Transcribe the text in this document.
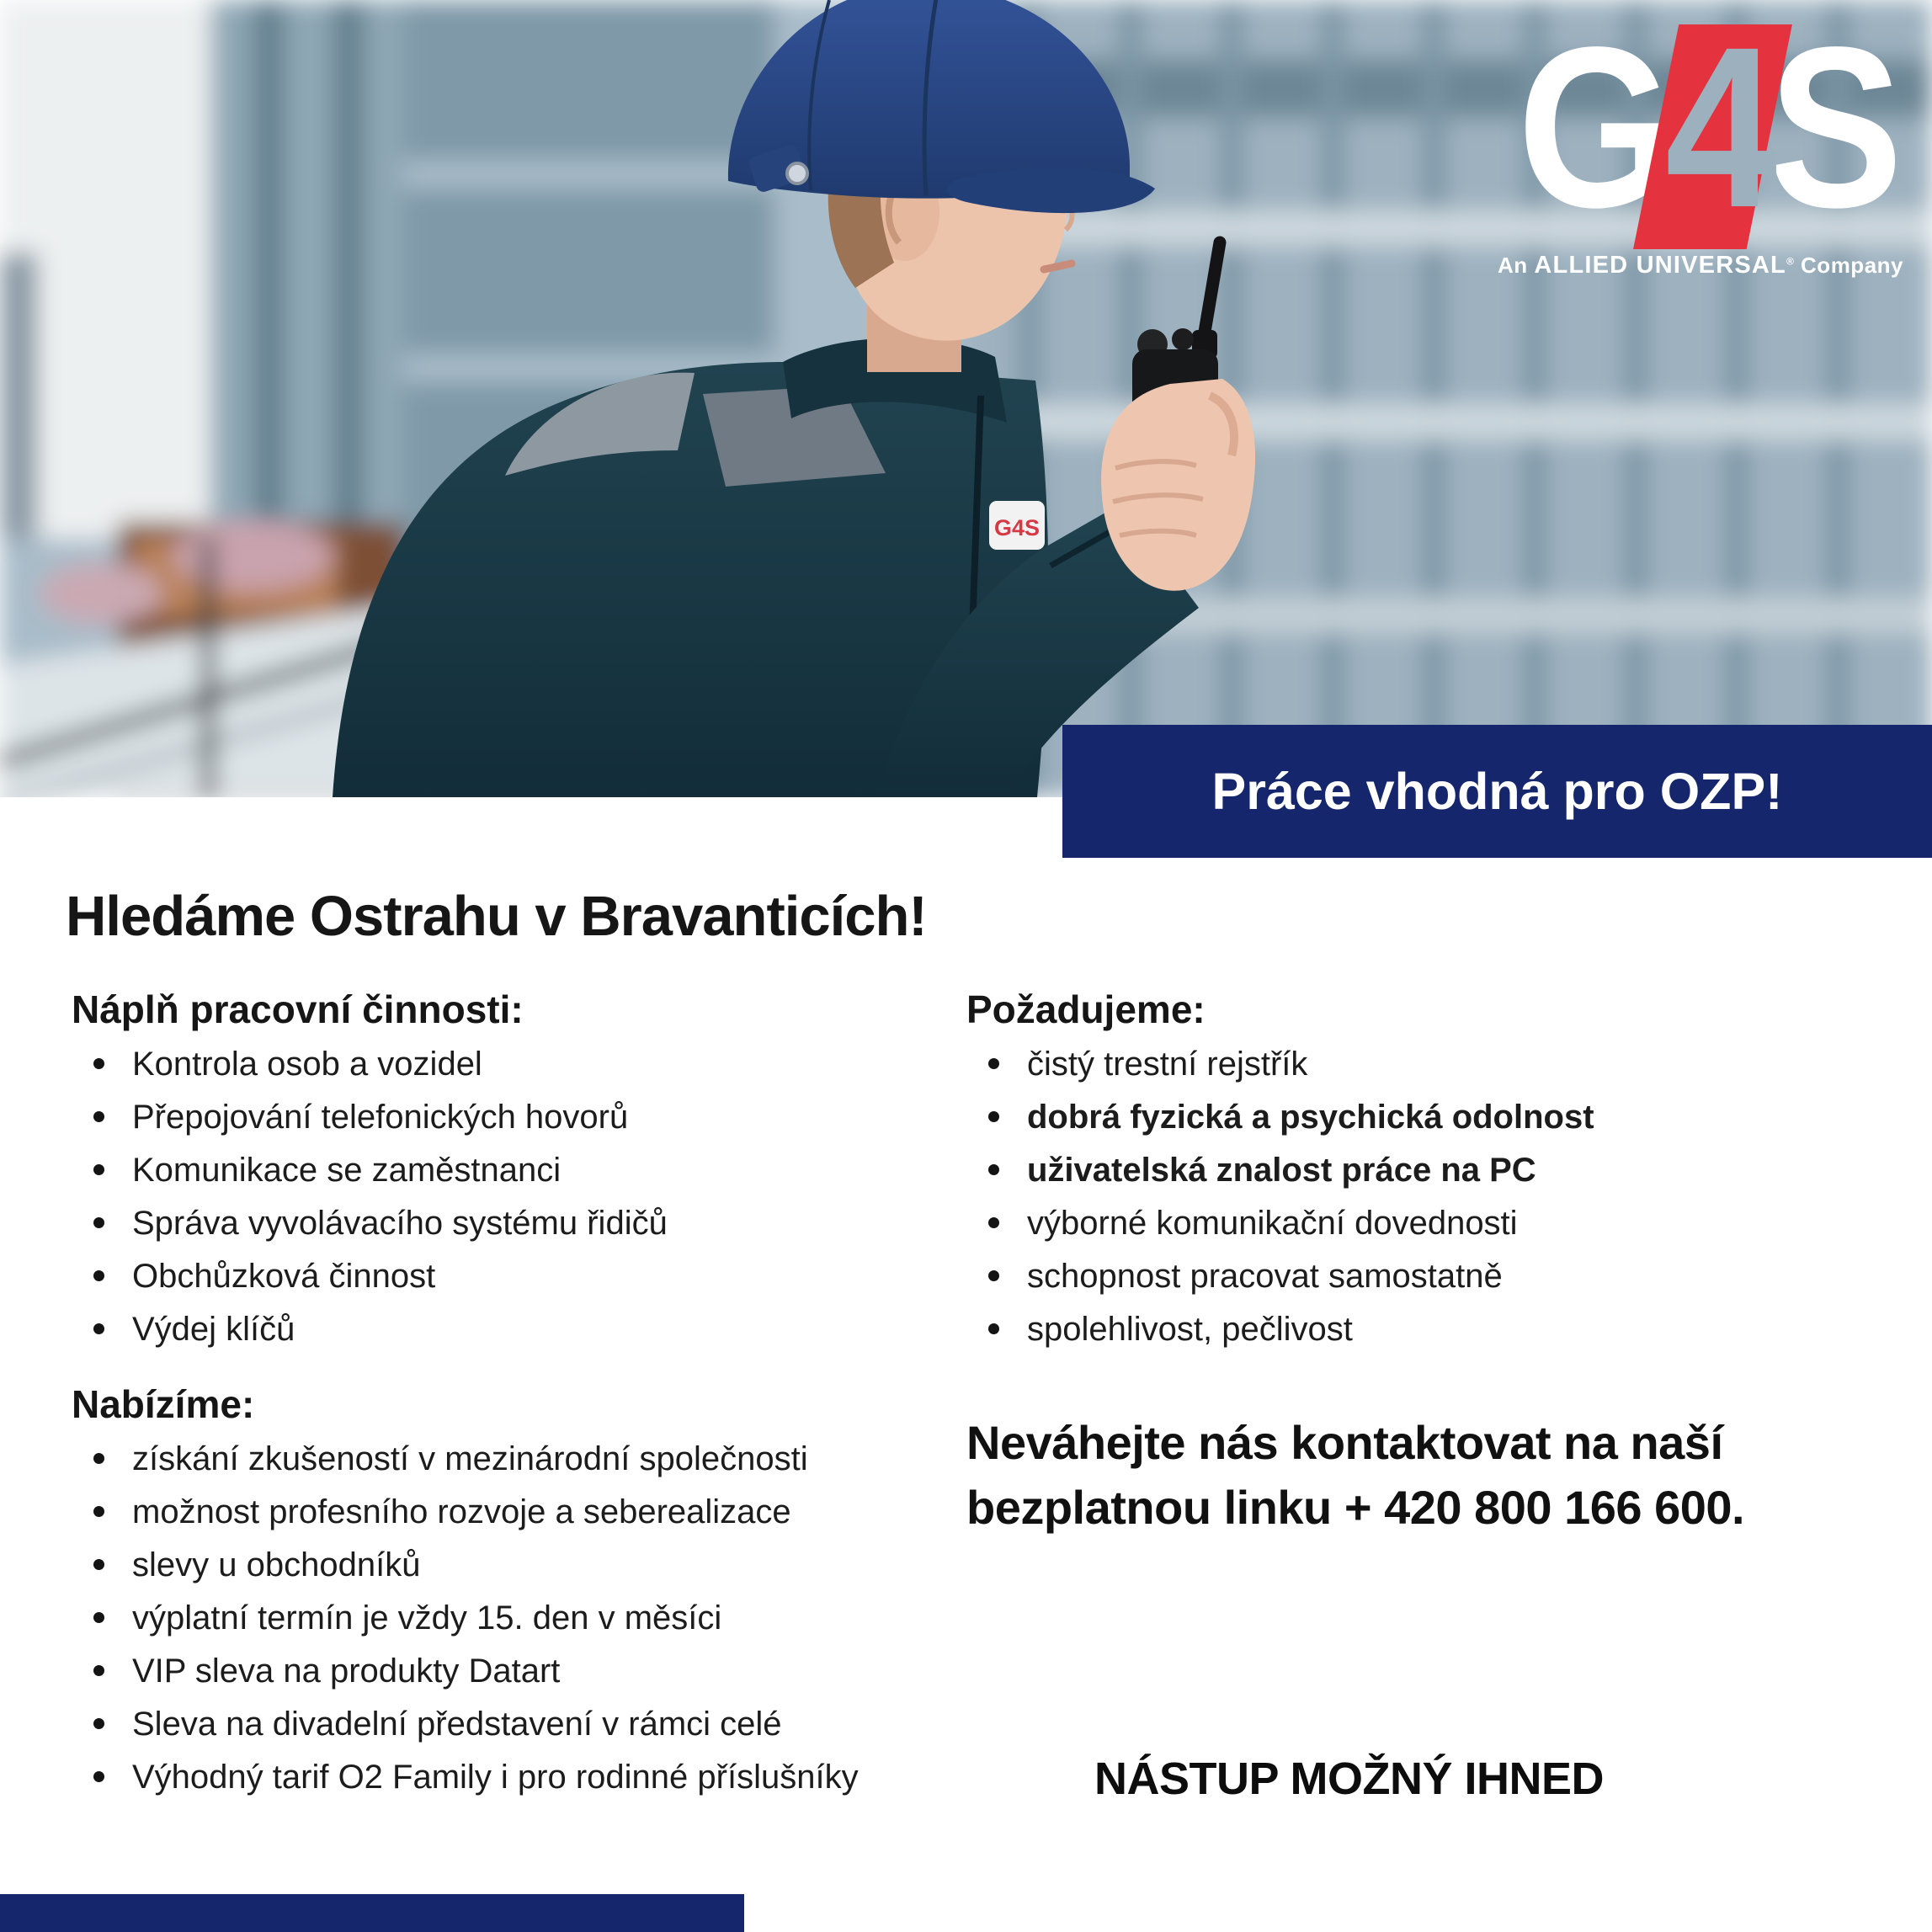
G4S
G 4 S
An ALLIED UNIVERSAL® Company
Práce vhodná pro OZP!
Hledáme Ostrahu v Bravanticích!
Náplň pracovní činnosti:
Kontrola osob a vozidel
Přepojování telefonických hovorů
Komunikace se zaměstnanci
Správa vyvolávacího systému řidičů
Obchůzková činnost
Výdej klíčů
Nabízíme:
získání zkušeností v mezinárodní společnosti
možnost profesního rozvoje a seberealizace
slevy u obchodníků
výplatní termín je vždy 15. den v měsíci
VIP sleva na produkty Datart
Sleva na divadelní představení v rámci celé
Výhodný tarif O2 Family i pro rodinné příslušníky
Požadujeme:
čistý trestní rejstřík
dobrá fyzická a psychická odolnost
uživatelská znalost práce na PC
výborné komunikační dovednosti
schopnost pracovat samostatně
spolehlivost, pečlivost

Neváhejte nás kontaktovat na naší bezplatnou linku + 420 800 166 600.

NÁSTUP MOŽNÝ IHNED
